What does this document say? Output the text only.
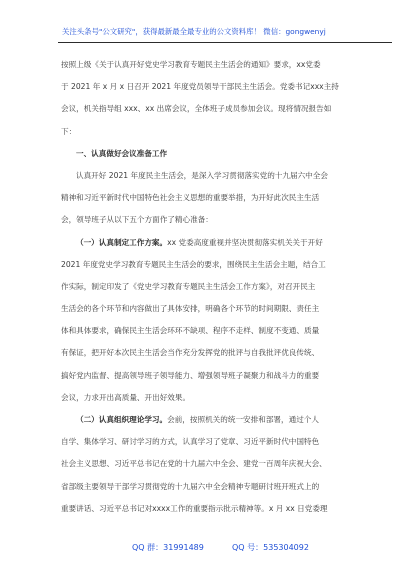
关注头条号"公文研究"，获得最新最全最专业的公文资料库！ 微信：gongwenyj
按照上级《关于认真开好党史学习教育专题民主生活会的通知》要求，xx党委
于 2021 年 x 月 x 日召开 2021 年度党员领导干部民主生活会。党委书记xxx主持
会议，机关指导组 xxx、xx 出席会议，全体班子成员参加会议。现将情况报告如
下：
一、认真做好会议准备工作
认真开好 2021 年度民主生活会，是深入学习贯彻落实党的十九届六中全会
精神和习近平新时代中国特色社会主义思想的重要举措，为开好此次民主生活
会，领导班子从以下五个方面作了精心准备：
（一）认真制定工作方案。xx 党委高度重视并坚决贯彻落实机关关于开好
2021 年度党史学习教育专题民主生活会的要求，围绕民主生活会主题，结合工
作实际，制定印发了《党史学习教育专题民主生活会工作方案》，对召开民主
生活会的各个环节和内容做出了具体安排，明确各个环节的时间期限、责任主
体和具体要求，确保民主生活会环环不缺项、程序不走样、制度不变通、质量
有保证，把开好本次民主生活会当作充分发挥党的批评与自我批评优良传统、
搞好党内监督、提高领导班子领导能力、增强领导班子凝聚力和战斗力的重要
会议，力求开出高质量、开出好效果。
（二）认真组织理论学习。会前，按照机关的统一安排和部署，通过个人
自学、集体学习、研讨学习的方式，认真学习了党章、习近平新时代中国特色
社会主义思想、习近平总书记在党的十九届六中全会、建党一百周年庆祝大会、
省部级主要领导干部学习贯彻党的十九届六中全会精神专题研讨班开班式上的
重要讲话、习近平总书记对xxxx工作的重要指示批示精神等。x 月 xx 日党委理
QQ 群：31991489	QQ 号：535304092
